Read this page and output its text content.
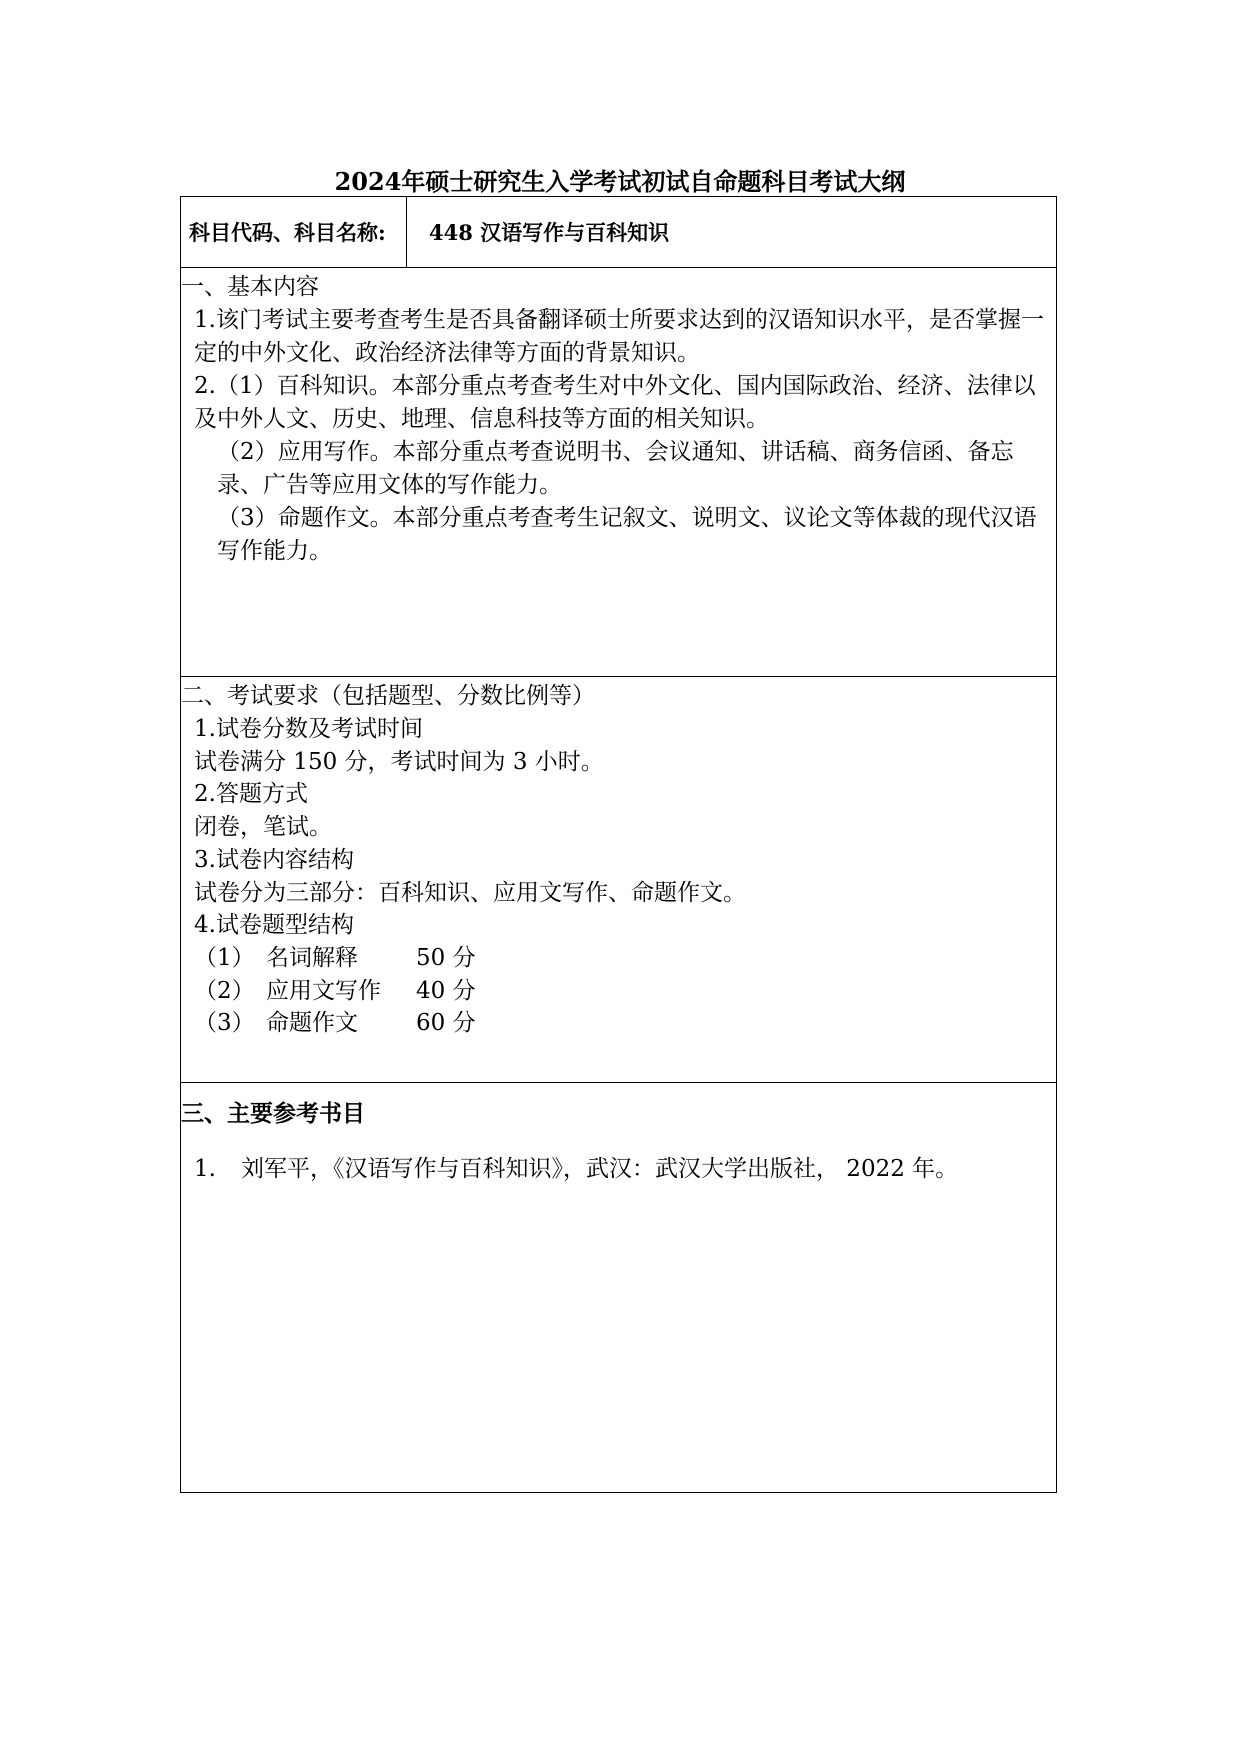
2024年硕士研究生入学考试初试自命题科目考试大纲
科目代码、科目名称:	448 汉语写作与百科知识
一、基本内容

1.该门考试主要考查考生是否具备翻译硕士所要求达到的汉语知识水平，是否掌握一定的中外文化、政治经济法律等方面的背景知识。

2.（1）百科知识。本部分重点考查考生对中外文化、国内国际政治、经济、法律以及中外人文、历史、地理、信息科技等方面的相关知识。

（2）应用写作。本部分重点考查说明书、会议通知、讲话稿、商务信函、备忘录、广告等应用文体的写作能力。

（3）命题作文。本部分重点考查考生记叙文、说明文、议论文等体裁的现代汉语写作能力。

二、考试要求（包括题型、分数比例等）

1.试卷分数及考试时间

试卷满分 150 分，考试时间为 3 小时。

2.答题方式

闭卷，笔试。

3.试卷内容结构

试卷分为三部分：百科知识、应用文写作、命题作文。

4.试卷题型结构

（1） 名词解释	50 分
（2） 应用文写作	40 分
（3） 命题作文	60 分
三、主要参考书目

1. 刘军平，《汉语写作与百科知识》，武汉：武汉大学出版社， 2022 年。
